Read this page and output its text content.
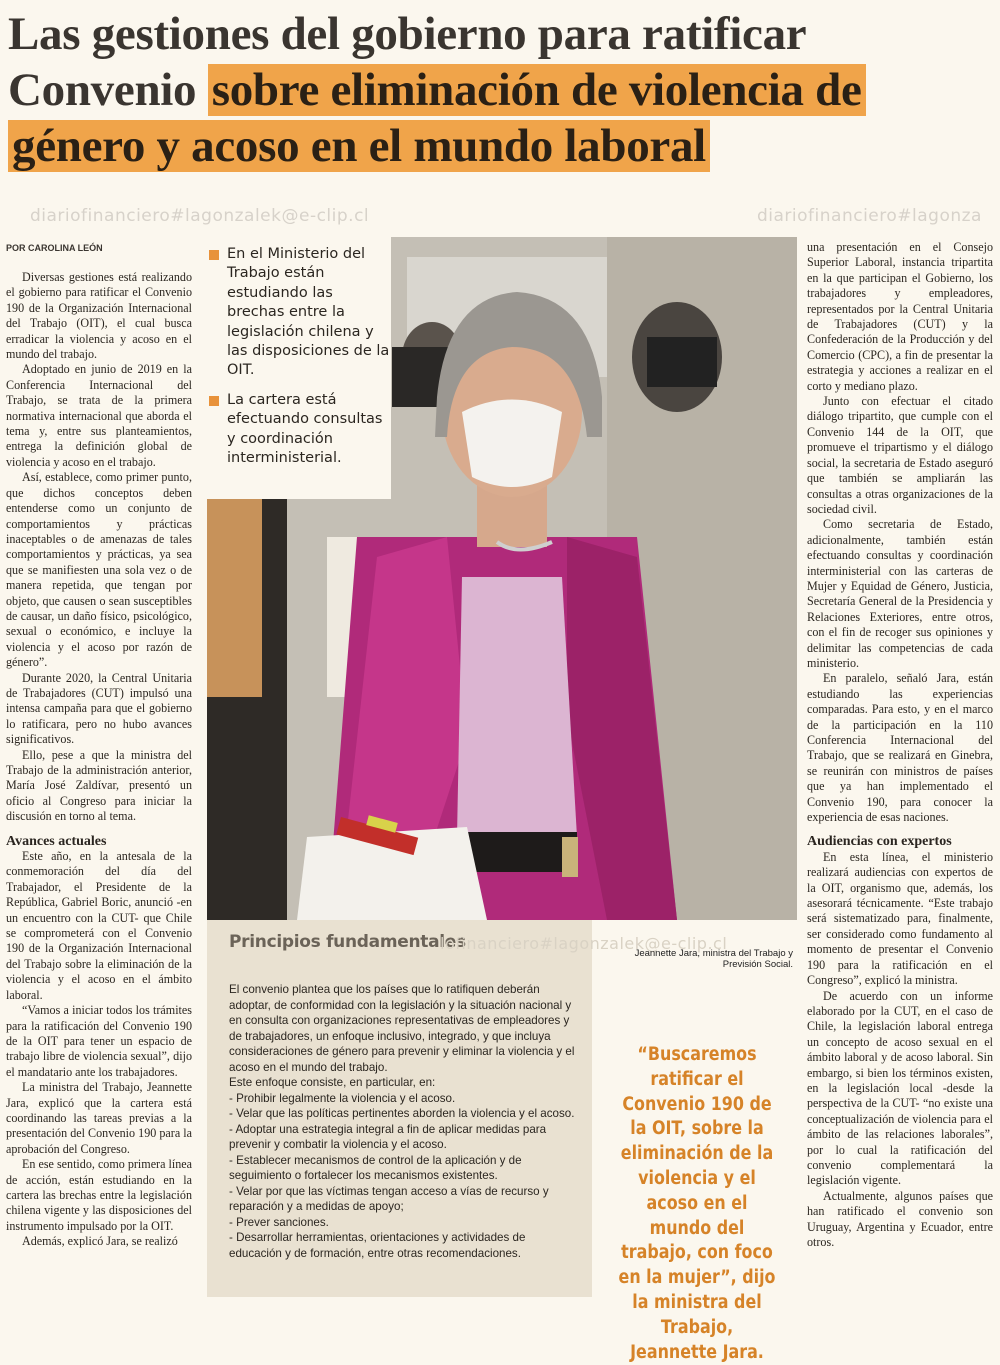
Las gestiones del gobierno para ratificar Convenio sobre eliminación de violencia de género y acoso en el mundo laboral
diariofinanciero#lagonzalek@e-clip.cl	diariofinanciero#lagonza
POR CAROLINA LEÓN

Diversas gestiones está realizando el gobierno para ratificar el Convenio 190 de la Organización Internacional del Trabajo (OIT), el cual busca erradicar la violencia y acoso en el mundo del trabajo.

Adoptado en junio de 2019 en la Conferencia Internacional del Trabajo, se trata de la primera normativa internacional que aborda el tema y, entre sus planteamientos, entrega la definición global de violencia y acoso en el trabajo.

Así, establece, como primer punto, que dichos conceptos deben entenderse como un conjunto de comportamientos y prácticas inaceptables o de amenazas de tales comportamientos y prácticas, ya sea que se manifiesten una sola vez o de manera repetida, que tengan por objeto, que causen o sean susceptibles de causar, un daño físico, psicológico, sexual o económico, e incluye la violencia y el acoso por razón de género”.

Durante 2020, la Central Unitaria de Trabajadores (CUT) impulsó una intensa campaña para que el gobierno lo ratificara, pero no hubo avances significativos.

Ello, pese a que la ministra del Trabajo de la administración anterior, María José Zaldívar, presentó un oficio al Congreso para iniciar la discusión en torno al tema.

Avances actuales

Este año, en la antesala de la conmemoración del día del Trabajador, el Presidente de la República, Gabriel Boric, anunció -en un encuentro con la CUT- que Chile se comprometerá con el Convenio 190 de la Organización Internacional del Trabajo sobre la eliminación de la violencia y el acoso en el ámbito laboral.

“Vamos a iniciar todos los trámites para la ratificación del Convenio 190 de la OIT para tener un espacio de trabajo libre de violencia sexual”, dijo el mandatario ante los trabajadores.

La ministra del Trabajo, Jeannette Jara, explicó que la cartera está coordinando las tareas previas a la presentación del Convenio 190 para la aprobación del Congreso.

En ese sentido, como primera línea de acción, están estudiando en la cartera las brechas entre la legislación chilena vigente y las disposiciones del instrumento impulsado por la OIT.

Además, explicó Jara, se realizó

En el Ministerio del Trabajo están estudiando las brechas entre la legislación chilena y las disposiciones de la OIT.
La cartera está efectuando consultas y coordinación interministerial.
Principios fundamentales
El convenio plantea que los países que lo ratifiquen deberán adoptar, de conformidad con la legislación y la situación nacional y en consulta con organizaciones representativas de empleadores y de trabajadores, un enfoque inclusivo, integrado, y que incluya consideraciones de género para prevenir y eliminar la violencia y el acoso en el mundo del trabajo.
Este enfoque consiste, en particular, en:
- Prohibir legalmente la violencia y el acoso.
- Velar que las políticas pertinentes aborden la violencia y el acoso.
- Adoptar una estrategia integral a fin de aplicar medidas para prevenir y combatir la violencia y el acoso.
- Establecer mecanismos de control de la aplicación y de seguimiento o fortalecer los mecanismos existentes.
- Velar por que las víctimas tengan acceso a vías de recurso y reparación y a medidas de apoyo;
- Prever sanciones.
- Desarrollar herramientas, orientaciones y actividades de educación y de formación, entre otras recomendaciones.
lofinanciero#lagonzalek@e-clip.cl
Jeannette Jara, ministra del Trabajo y
Previsión Social.
“Buscaremos ratificar el Convenio 190 de la OIT, sobre la eliminación de la violencia y el acoso en el mundo del trabajo, con foco en la mujer”, dijo la ministra del Trabajo, Jeannette Jara.

una presentación en el Consejo Superior Laboral, instancia tripartita en la que participan el Gobierno, los trabajadores y empleadores, representados por la Central Unitaria de Trabajadores (CUT) y la Confederación de la Producción y del Comercio (CPC), a fin de presentar la estrategia y acciones a realizar en el corto y mediano plazo.

Junto con efectuar el citado diálogo tripartito, que cumple con el Convenio 144 de la OIT, que promueve el tripartismo y el diálogo social, la secretaria de Estado aseguró que también se ampliarán las consultas a otras organizaciones de la sociedad civil.

Como secretaria de Estado, adicionalmente, también están efectuando consultas y coordinación interministerial con las carteras de Mujer y Equidad de Género, Justicia, Secretaría General de la Presidencia y Relaciones Exteriores, entre otros, con el fin de recoger sus opiniones y delimitar las competencias de cada ministerio.

En paralelo, señaló Jara, están estudiando las experiencias comparadas. Para esto, y en el marco de la participación en la 110 Conferencia Internacional del Trabajo, que se realizará en Ginebra, se reunirán con ministros de países que ya han implementado el Convenio 190, para conocer la experiencia de esas naciones.

Audiencias con expertos

En esta línea, el ministerio realizará audiencias con expertos de la OIT, organismo que, además, los asesorará técnicamente. “Este trabajo será sistematizado para, finalmente, ser considerado como fundamento al momento de presentar el Convenio 190 para la ratificación en el Congreso”, explicó la ministra.

De acuerdo con un informe elaborado por la CUT, en el caso de Chile, la legislación laboral entrega un concepto de acoso sexual en el ámbito laboral y de acoso laboral. Sin embargo, si bien los términos existen, en la legislación local -desde la perspectiva de la CUT- “no existe una conceptualización de violencia para el ámbito de las relaciones laborales”, por lo cual la ratificación del convenio complementará la legislación vigente.

Actualmente, algunos países que han ratificado el convenio son Uruguay, Argentina y Ecuador, entre otros.
